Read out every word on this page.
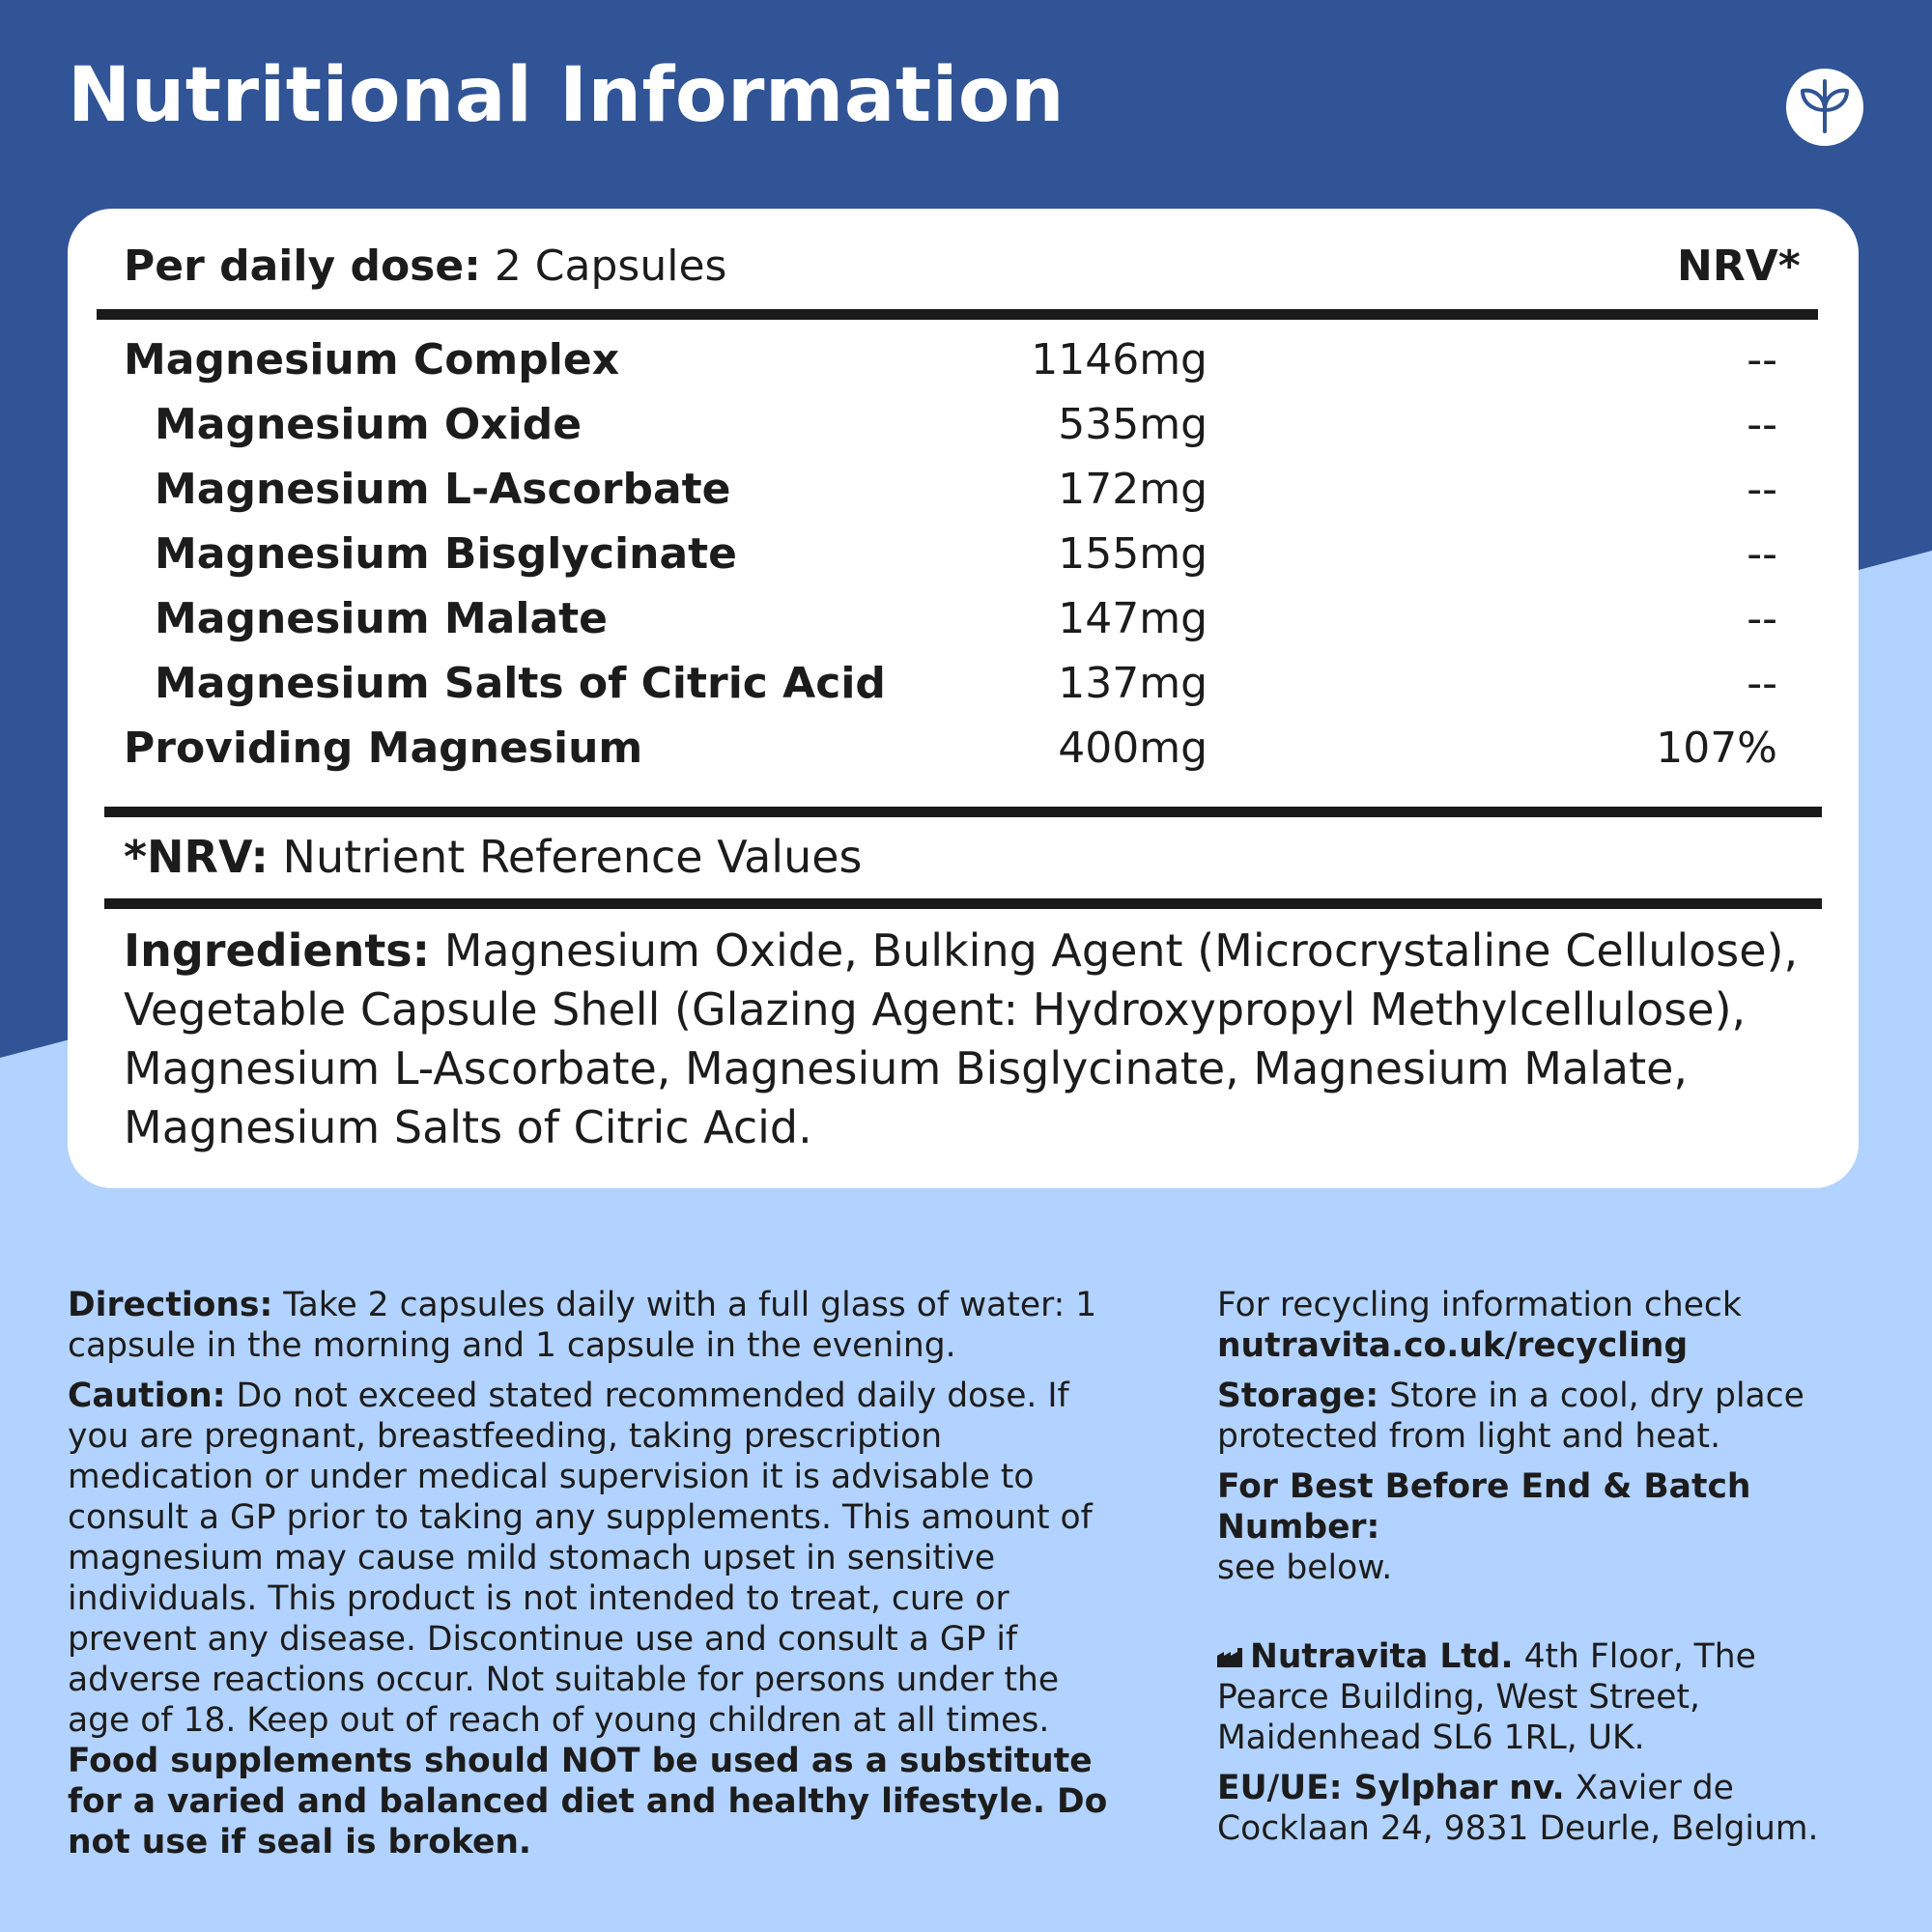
Nutritional Information
Per daily dose: 2 Capsules	NRV*
Magnesium Complex	1146mg	--
Magnesium Oxide	535mg	--
Magnesium L-Ascorbate	172mg	--
Magnesium Bisglycinate	155mg	--
Magnesium Malate	147mg	--
Magnesium Salts of Citric Acid	137mg	--
Providing Magnesium	400mg	107%
*NRV: Nutrient Reference Values

Ingredients: Magnesium Oxide, Bulking Agent (Microcrystaline Cellulose), Vegetable Capsule Shell (Glazing Agent: Hydroxypropyl Methylcellulose), Magnesium L-Ascorbate, Magnesium Bisglycinate, Magnesium Malate, Magnesium Salts of Citric Acid.

Directions: Take 2 capsules daily with a full glass of water: 1 capsule in the morning and 1 capsule in the evening.

Caution: Do not exceed stated recommended daily dose. If you are pregnant, breastfeeding, taking prescription medication or under medical supervision it is advisable to consult a GP prior to taking any supplements. This amount of magnesium may cause mild stomach upset in sensitive individuals. This product is not intended to treat, cure or prevent any disease. Discontinue use and consult a GP if adverse reactions occur. Not suitable for persons under the age of 18. Keep out of reach of young children at all times. Food supplements should NOT be used as a substitute for a varied and balanced diet and healthy lifestyle. Do not use if seal is broken.

For recycling information check
nutravita.co.uk/recycling

Storage: Store in a cool, dry place protected from light and heat.

For Best Before End & Batch Number:
see below.

Nutravita Ltd. 4th Floor, The Pearce Building, West Street, Maidenhead SL6 1RL, UK.

EU/UE: Sylphar nv. Xavier de Cocklaan 24, 9831 Deurle, Belgium.
